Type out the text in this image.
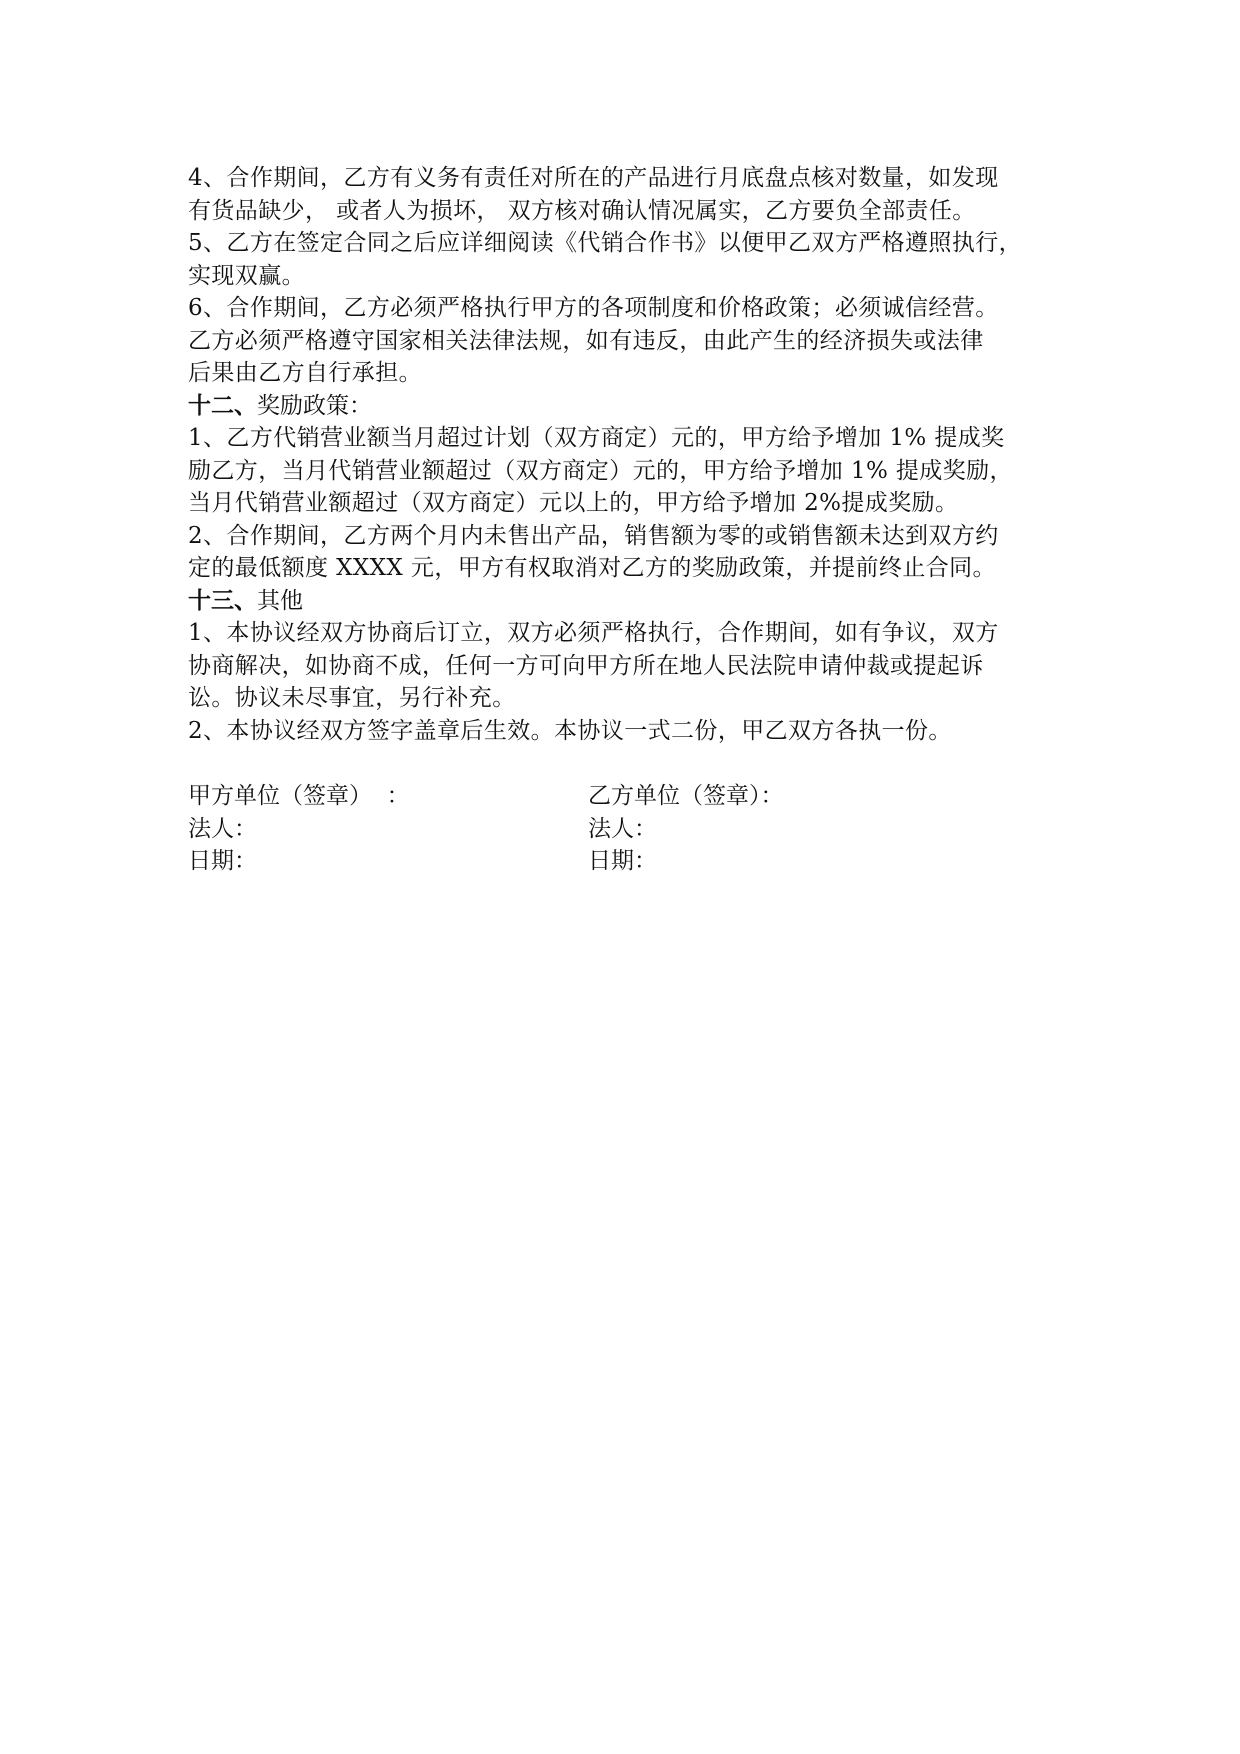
4、合作期间，乙方有义务有责任对所在的产品进行月底盘点核对数量，如发现
有货品缺少， 或者人为损坏， 双方核对确认情况属实，乙方要负全部责任。
5、乙方在签定合同之后应详细阅读《代销合作书》以便甲乙双方严格遵照执行，
实现双赢。
6、合作期间，乙方必须严格执行甲方的各项制度和价格政策；必须诚信经营。
乙方必须严格遵守国家相关法律法规，如有违反，由此产生的经济损失或法律
后果由乙方自行承担。
十二、奖励政策：
1、乙方代销营业额当月超过计划（双方商定）元的，甲方给予增加 1% 提成奖
励乙方，当月代销营业额超过（双方商定）元的，甲方给予增加 1% 提成奖励，
当月代销营业额超过（双方商定）元以上的，甲方给予增加 2%提成奖励。
2、合作期间，乙方两个月内未售出产品，销售额为零的或销售额未达到双方约
定的最低额度 XXXX 元，甲方有权取消对乙方的奖励政策，并提前终止合同。
十三、其他
1、本协议经双方协商后订立，双方必须严格执行，合作期间，如有争议，双方
协商解决，如协商不成，任何一方可向甲方所在地人民法院申请仲裁或提起诉
讼。协议未尽事宜，另行补充。
2、本协议经双方签字盖章后生效。本协议一式二份，甲乙双方各执一份。
甲方单位（签章）  ：	乙方单位（签章）：
法人：	法人：
日期：	日期：
